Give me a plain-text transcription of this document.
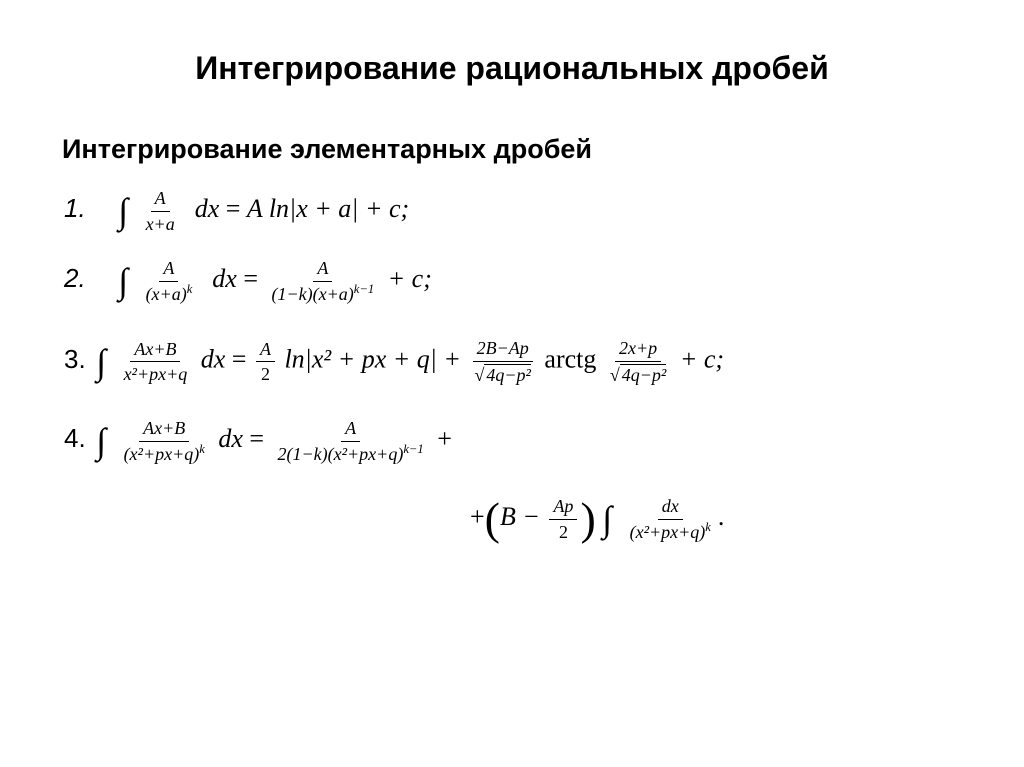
Интегрирование рациональных дробей
Интегрирование элементарных дробей
1. ∫ $\frac{A}{x+a}$ dx = A ln|x + a| + c;
2. ∫ $\frac{A}{(x+a)^k}$ dx = $\frac{A}{(1-k)(x+a)^{k-1}} + c$;
3. ∫ $\frac{Ax+B}{\text{x²+px+q}}$ dx = $\frac{A}{2} \ln|x^2$ + px + $q| + \frac{2B-Ap}{\text{√ 4q−p²}}$ arctg $\frac{2x+p}{\text{√ 4q−p²}} + c$;
4. ∫ $\frac{Ax+B}{(x^2+px+q)^k}$ dx = $\frac{A}{2(1-k)(x^2+px+q)^{k-1}}$ +
$+(B - \frac{Ap}{2}$ ) ∫ $\frac{dx}{(x^2+px+q)^k}$ .
